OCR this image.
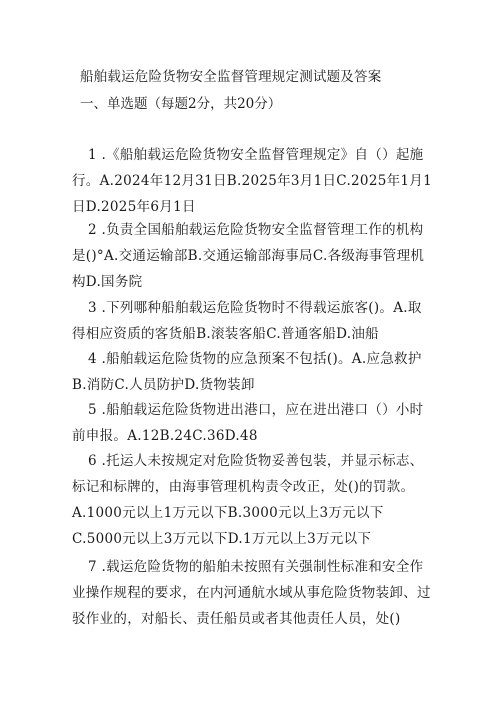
船舶载运危险货物安全监督管理规定测试题及答案
一、单选题（每题2分，共20分）
1 .《船舶载运危险货物安全监督管理规定》自（）起施行。A.2024年12月31日B.2025年3月1日C.2025年1月1日D.2025年6月1日
2 .负责全国船舶载运危险货物安全监督管理工作的机构是()°A.交通运输部B.交通运输部海事局C.各级海事管理机构D.国务院
3 .下列哪种船舶载运危险货物时不得载运旅客()。A.取得相应资质的客货船B.滚装客船C.普通客船D.油船
4 .船舶载运危险货物的应急预案不包括()。A.应急救护B.消防C.人员防护D.货物装卸
5 .船舶载运危险货物进出港口，应在进出港口（）小时前申报。A.12B.24C.36D.48
6 .托运人未按规定对危险货物妥善包装，并显示标志、标记和标牌的，由海事管理机构责令改正，处()的罚款。A.1000元以上1万元以下B.3000元以上3万元以下C.5000元以上3万元以下D.1万元以上3万元以下
7 .载运危险货物的船舶未按照有关强制性标准和安全作业操作规程的要求，在内河通航水域从事危险货物装卸、过驳作业的，对船长、责任船员或者其他责任人员，处()
